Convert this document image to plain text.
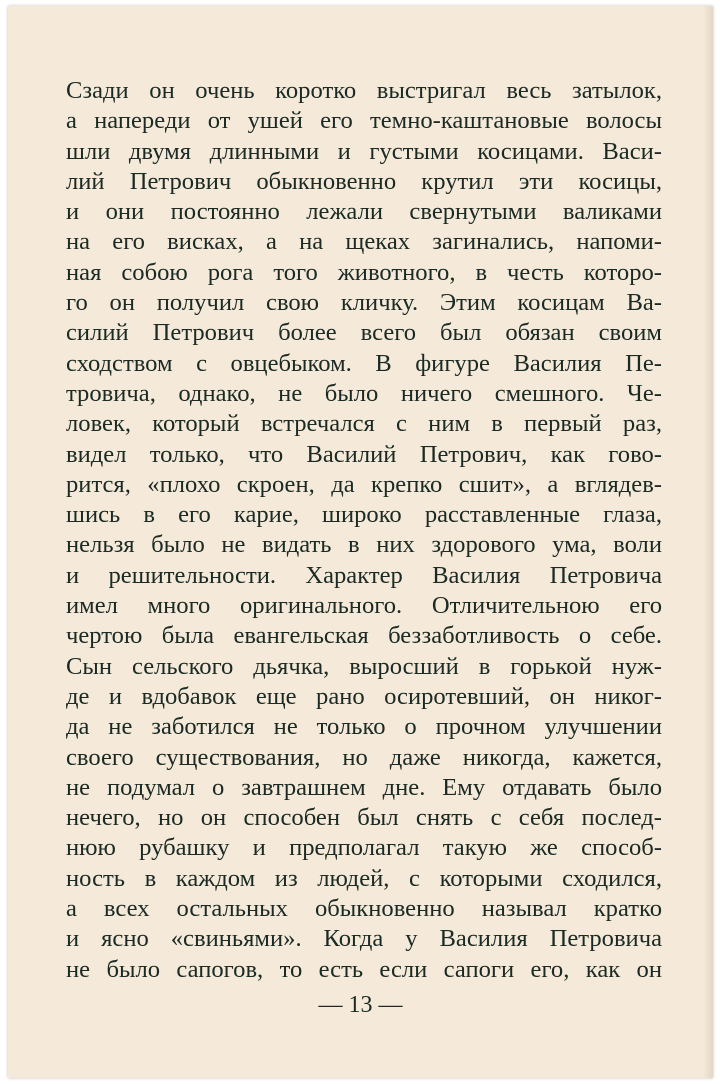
Сзади он очень коротко выстригал весь затылок,
а напереди от ушей его темно-каштановые волосы
шли двумя длинными и густыми косицами. Васи-
лий Петрович обыкновенно крутил эти косицы,
и они постоянно лежали свернутыми валиками
на его висках, а на щеках загинались, напоми-
ная собою рога того животного, в честь которо-
го он получил свою кличку. Этим косицам Ва-
силий Петрович более всего был обязан своим
сходством с овцебыком. В фигуре Василия Пе-
тровича, однако, не было ничего смешного. Че-
ловек, который встречался с ним в первый раз,
видел только, что Василий Петрович, как гово-
рится, «плохо скроен, да крепко сшит», а вглядев-
шись в его карие, широко расставленные глаза,
нельзя было не видать в них здорового ума, воли
и решительности. Характер Василия Петровича
имел много оригинального. Отличительною его
чертою была евангельская беззаботливость о себе.
Сын сельского дьячка, выросший в горькой нуж-
де и вдобавок еще рано осиротевший, он никог-
да не заботился не только о прочном улучшении
своего существования, но даже никогда, кажется,
не подумал о завтрашнем дне. Ему отдавать было
нечего, но он способен был снять с себя послед-
нюю рубашку и предполагал такую же способ-
ность в каждом из людей, с которыми сходился,
а всех остальных обыкновенно называл кратко
и ясно «свиньями». Когда у Василия Петровича
не было сапогов, то есть если сапоги его, как он
— 13 —
